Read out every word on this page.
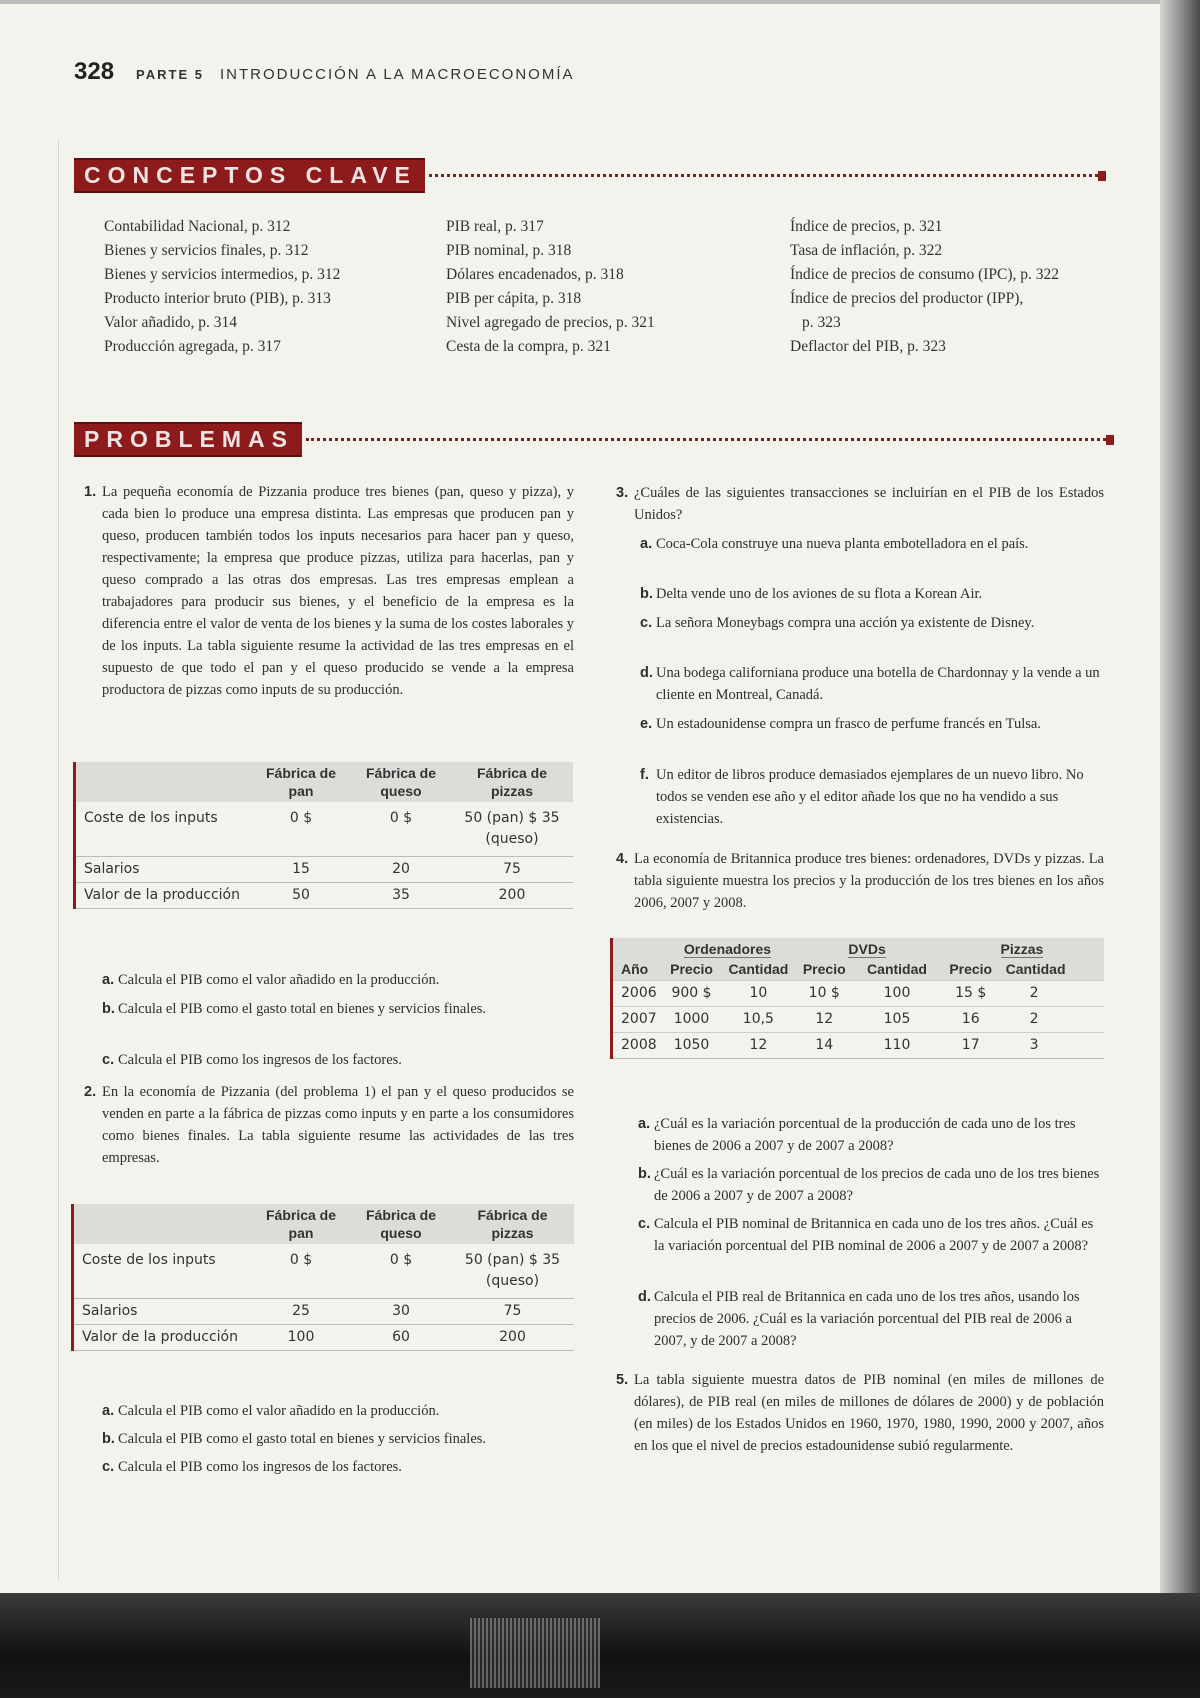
328 PARTE 5 INTRODUCCIÓN A LA MACROECONOMÍA
CONCEPTOS CLAVE
Contabilidad Nacional, p. 312
Bienes y servicios finales, p. 312
Bienes y servicios intermedios, p. 312
Producto interior bruto (PIB), p. 313
Valor añadido, p. 314
Producción agregada, p. 317
PIB real, p. 317
PIB nominal, p. 318
Dólares encadenados, p. 318
PIB per cápita, p. 318
Nivel agregado de precios, p. 321
Cesta de la compra, p. 321
Índice de precios, p. 321
Tasa de inflación, p. 322
Índice de precios de consumo (IPC), p. 322
Índice de precios del productor (IPP),
p. 323
Deflactor del PIB, p. 323
PROBLEMAS
1. La pequeña economía de Pizzania produce tres bienes (pan, queso y pizza), y cada bien lo produce una empresa distinta. Las empresas que producen pan y queso, producen también todos los inputs necesarios para hacer pan y queso, respectivamente; la empresa que produce pizzas, utiliza para hacerlas, pan y queso comprado a las otras dos empresas. Las tres empresas emplean a trabajadores para producir sus bienes, y el beneficio de la empresa es la diferencia entre el valor de venta de los bienes y la suma de los costes laborales y de los inputs. La tabla siguiente resume la actividad de las tres empresas en el supuesto de que todo el pan y el queso producido se vende a la empresa productora de pizzas como inputs de su producción.
	Fábrica de pan	Fábrica de queso	Fábrica de pizzas
Coste de los inputs	0 $	0 $	50 (pan) $ 35 (queso)
Salarios	15	20	75
Valor de la producción	50	35	200
a. Calcula el PIB como el valor añadido en la producción.
b. Calcula el PIB como el gasto total en bienes y servicios finales.
c. Calcula el PIB como los ingresos de los factores.
2. En la economía de Pizzania (del problema 1) el pan y el queso producidos se venden en parte a la fábrica de pizzas como inputs y en parte a los consumidores como bienes finales. La tabla siguiente resume las actividades de las tres empresas.
	Fábrica de pan	Fábrica de queso	Fábrica de pizzas
Coste de los inputs	0 $	0 $	50 (pan) $ 35 (queso)
Salarios	25	30	75
Valor de la producción	100	60	200
a. Calcula el PIB como el valor añadido en la producción.
b. Calcula el PIB como el gasto total en bienes y servicios finales.
c. Calcula el PIB como los ingresos de los factores.
3. ¿Cuáles de las siguientes transacciones se incluirían en el PIB de los Estados Unidos?
a. Coca-Cola construye una nueva planta embotelladora en el país.
b. Delta vende uno de los aviones de su flota a Korean Air.
c. La señora Moneybags compra una acción ya existente de Disney.
d. Una bodega californiana produce una botella de Chardonnay y la vende a un cliente en Montreal, Canadá.
e. Un estadounidense compra un frasco de perfume francés en Tulsa.
f. Un editor de libros produce demasiados ejemplares de un nuevo libro. No todos se venden ese año y el editor añade los que no ha vendido a sus existencias.
4. La economía de Britannica produce tres bienes: ordenadores, DVDs y pizzas. La tabla siguiente muestra los precios y la producción de los tres bienes en los años 2006, 2007 y 2008.
	Ordenadores		DVDs		Pizzas	
Año	Precio	Cantidad	Precio	Cantidad	Precio	Cantidad
2006	900 $	10	10 $	100	15 $	2
2007	1000	10,5	12	105	16	2
2008	1050	12	14	110	17	3
a. ¿Cuál es la variación porcentual de la producción de cada uno de los tres bienes de 2006 a 2007 y de 2007 a 2008?
b. ¿Cuál es la variación porcentual de los precios de cada uno de los tres bienes de 2006 a 2007 y de 2007 a 2008?
c. Calcula el PIB nominal de Britannica en cada uno de los tres años. ¿Cuál es la variación porcentual del PIB nominal de 2006 a 2007 y de 2007 a 2008?
d. Calcula el PIB real de Britannica en cada uno de los tres años, usando los precios de 2006. ¿Cuál es la variación porcentual del PIB real de 2006 a 2007, y de 2007 a 2008?
5. La tabla siguiente muestra datos de PIB nominal (en miles de millones de dólares), de PIB real (en miles de millones de dólares de 2000) y de población (en miles) de los Estados Unidos en 1960, 1970, 1980, 1990, 2000 y 2007, años en los que el nivel de precios estadounidense subió regularmente.
